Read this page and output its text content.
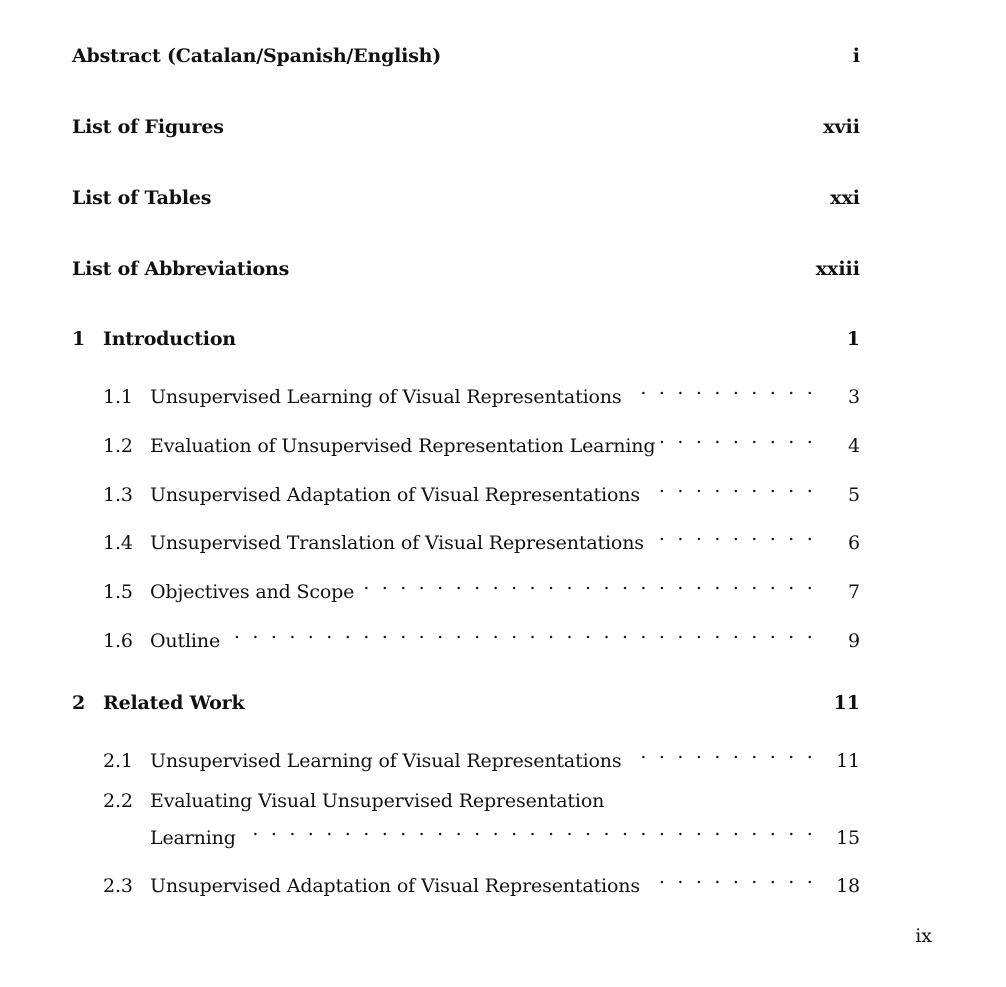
Abstract (Catalan/Spanish/English)	i
List of Figures	xvii
List of Tables	xxi
List of Abbreviations	xxiii
1 Introduction	1
1.1 Unsupervised Learning of Visual Representations . . .	3
1.2 Evaluation of Unsupervised Representation Learning . . .	4
1.3 Unsupervised Adaptation of Visual Representations . . .	5
1.4 Unsupervised Translation of Visual Representations . . .	6
1.5 Objectives and Scope . . .	7
1.6 Outline . . .	9
2 Related Work	11
2.1 Unsupervised Learning of Visual Representations . . .	11
2.2 Evaluating Visual Unsupervised Representation
Learning . . .	15
2.3 Unsupervised Adaptation of Visual Representations . . .	18
ix
